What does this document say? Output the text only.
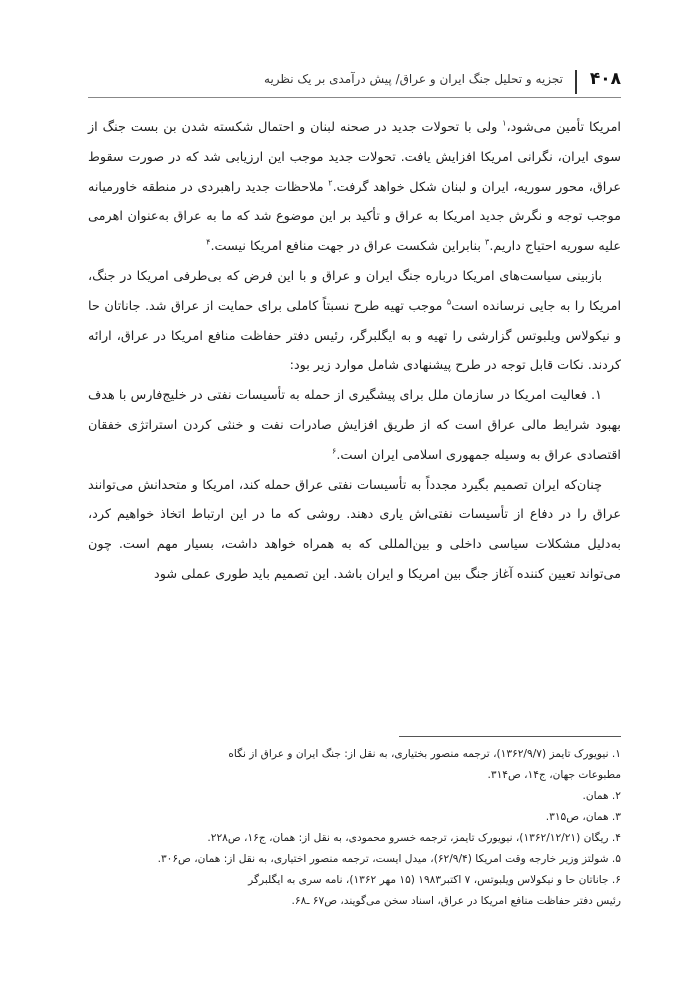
۴۰۸
تجزیه و تحلیل جنگ ایران و عراق/ پیش درآمدی بر یک نظریه

امریکا تأمین می‌شود،$^۱$ ولی با تحولات جدید در صحنه لبنان و احتمال شکسته شدن بن بست جنگ از سوی ایران، نگرانی امریکا افزایش یافت. تحولات جدید موجب این ارزیابی شد که در صورت سقوط عراق، محور سوریه، ایران و لبنان شکل خواهد گرفت.$^۲$ ملاحظات جدید راهبردی در منطقه خاورمیانه موجب توجه و نگرش جدید امریکا به عراق و تأکید بر این موضوع شد که ما به عراق به‌عنوان اهرمی علیه سوریه احتیاج داریم.$^۳$ بنابراین شکست عراق در جهت منافع امریکا نیست.$^۴$

بازبینی سیاست‌های امریکا درباره جنگ ایران و عراق و با این فرض که بی‌طرفی امریکا در جنگ، امریکا را به جایی نرسانده است$^۵$ موجب تهیه طرح نسبتاً کاملی برای حمایت از عراق شد. جاناتان حا و نیکولاس ویلبوتس گزارشی را تهیه و به ایگلبرگر، رئیس دفتر حفاظت منافع امریکا در عراق، ارائه کردند. نکات قابل توجه در طرح پیشنهادی شامل موارد زیر بود:

۱. فعالیت امریکا در سازمان ملل برای پیشگیری از حمله به تأسیسات نفتی در خلیج‌فارس با هدف بهبود شرایط مالی عراق است که از طریق افزایش صادرات نفت و خنثی کردن استراتژی خفقان اقتصادی عراق به وسیله جمهوری اسلامی ایران است.$^۶$

چنان‌که ایران تصمیم بگیرد مجدداً به تأسیسات نفتی عراق حمله کند، امریکا و متحدانش می‌توانند عراق را در دفاع از تأسیسات نفتی‌اش یاری دهند. روشی که ما در این ارتباط اتخاذ خواهیم کرد، به‌دلیل مشکلات سیاسی داخلی و بین‌المللی که به همراه خواهد داشت، بسیار مهم است. چون می‌تواند تعیین کننده آغاز جنگ بین امریکا و ایران باشد. این تصمیم باید طوری عملی شود

۱. نیویورک تایمز (۱۳۶۲/۹/۷)، ترجمه منصور بختیاری، به نقل از: جنگ ایران و عراق از نگاه
مطبوعات جهان، ج۱۴، ص۳۱۴.
۲. همان.
۳. همان، ص۳۱۵.
۴. ریگان (۱۳۶۲/۱۲/۲۱)، نیویورک تایمز، ترجمه خسرو محمودی، به نقل از: همان، ج۱۶، ص۲۲۸.
۵. شولتز وزیر خارجه وقت امریکا (۶۲/۹/۴)، میدل ایست، ترجمه منصور اختیاری، به نقل از: همان، ص۳۰۶.
۶. جاناتان حا و نیکولاس ویلبوتس، ۷ اکتبر۱۹۸۳ (۱۵ مهر ۱۳۶۲)، نامه سری به ایگلبرگر
رئیس دفتر حفاظت منافع امریکا در عراق، اسناد سخن می‌گویند، ص۶۷ ـ۶۸.
